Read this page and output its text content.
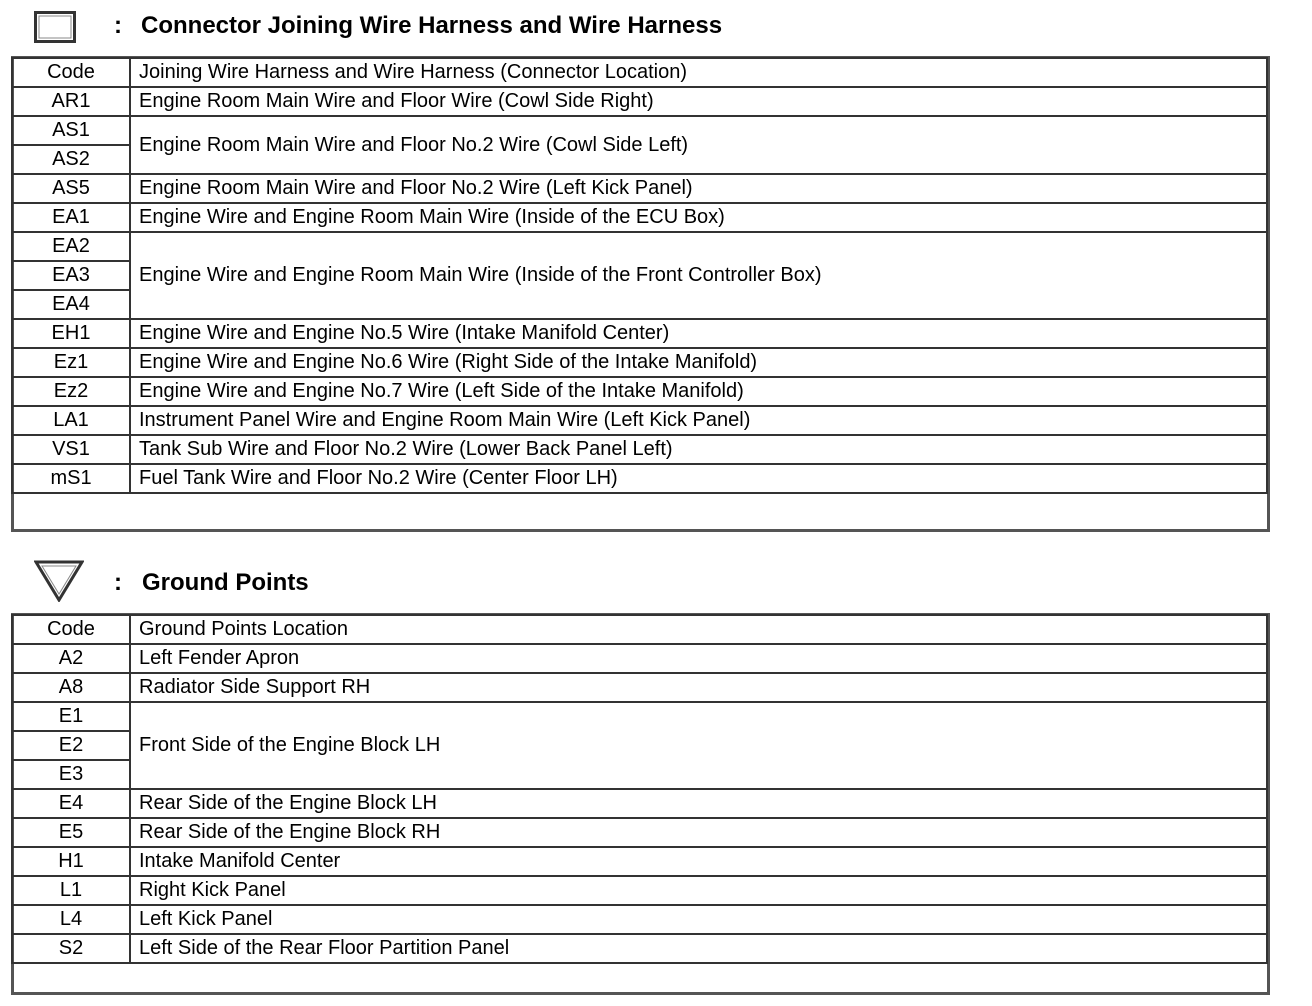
: Connector Joining Wire Harness and Wire Harness
Code	Joining Wire Harness and Wire Harness (Connector Location)
AR1	Engine Room Main Wire and Floor Wire (Cowl Side Right)
AS1	Engine Room Main Wire and Floor No.2 Wire (Cowl Side Left)
AS2	
AS5	Engine Room Main Wire and Floor No.2 Wire (Left Kick Panel)
EA1	Engine Wire and Engine Room Main Wire (Inside of the ECU Box)
EA2	Engine Wire and Engine Room Main Wire (Inside of the Front Controller Box)
EA3	
EA4	
EH1	Engine Wire and Engine No.5 Wire (Intake Manifold Center)
Ez1	Engine Wire and Engine No.6 Wire (Right Side of the Intake Manifold)
Ez2	Engine Wire and Engine No.7 Wire (Left Side of the Intake Manifold)
LA1	Instrument Panel Wire and Engine Room Main Wire (Left Kick Panel)
VS1	Tank Sub Wire and Floor No.2 Wire (Lower Back Panel Left)
mS1	Fuel Tank Wire and Floor No.2 Wire (Center Floor LH)
: Ground Points
Code	Ground Points Location
A2	Left Fender Apron
A8	Radiator Side Support RH
E1	Front Side of the Engine Block LH
E2	
E3	
E4	Rear Side of the Engine Block LH
E5	Rear Side of the Engine Block RH
H1	Intake Manifold Center
L1	Right Kick Panel
L4	Left Kick Panel
S2	Left Side of the Rear Floor Partition Panel
